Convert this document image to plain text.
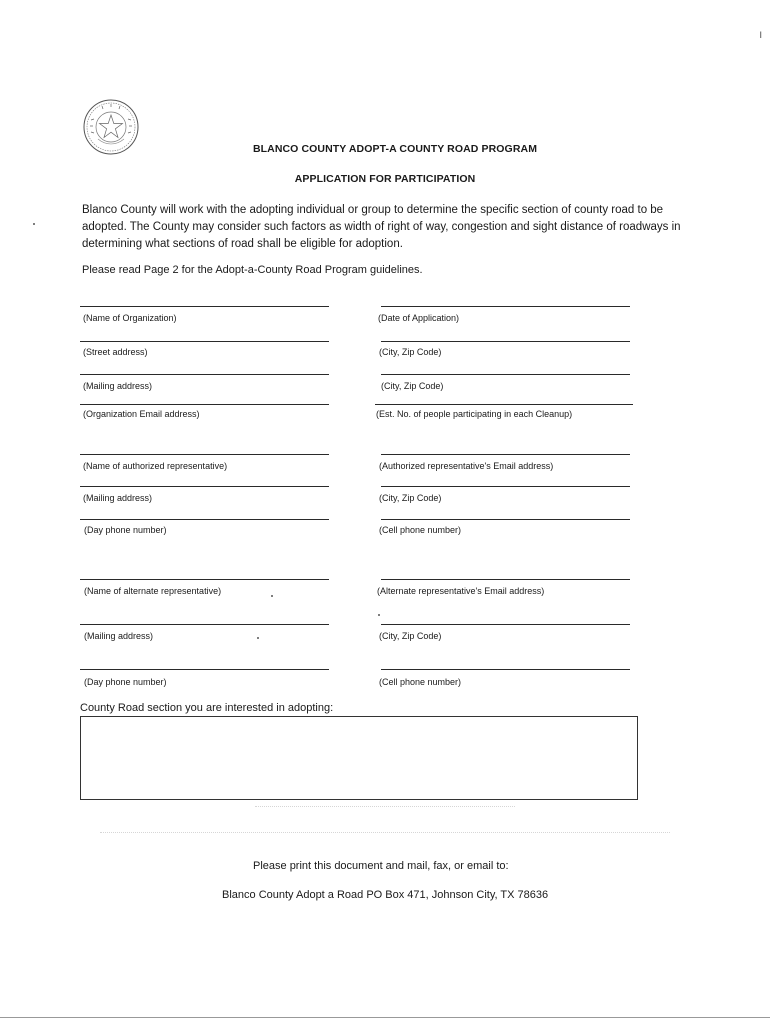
I
BLANCO COUNTY ADOPT-A COUNTY ROAD PROGRAM
APPLICATION FOR PARTICIPATION
Blanco County will work with the adopting individual or group to determine the specific section of county road to be adopted. The County may consider such factors as width of right of way, congestion and sight distance of roadways in determining what sections of road shall be eligible for adoption.
Please read Page 2 for the Adopt-a-County Road Program guidelines.
(Name of Organization)	(Date of Application)
(Street address)	(City, Zip Code)
(Mailing address)	(City, Zip Code)
(Organization Email address)	(Est. No. of people participating in each Cleanup)
(Name of authorized representative)	(Authorized representative's Email address)
(Mailing address)	(City, Zip Code)
(Day phone number)	(Cell phone number)
(Name of alternate representative)	(Alternate representative's Email address)
(Mailing address)	(City, Zip Code)
(Day phone number)	(Cell phone number)
County Road section you are interested in adopting:
Please print this document and mail, fax, or email to:
Blanco County Adopt a Road PO Box 471, Johnson City, TX 78636
